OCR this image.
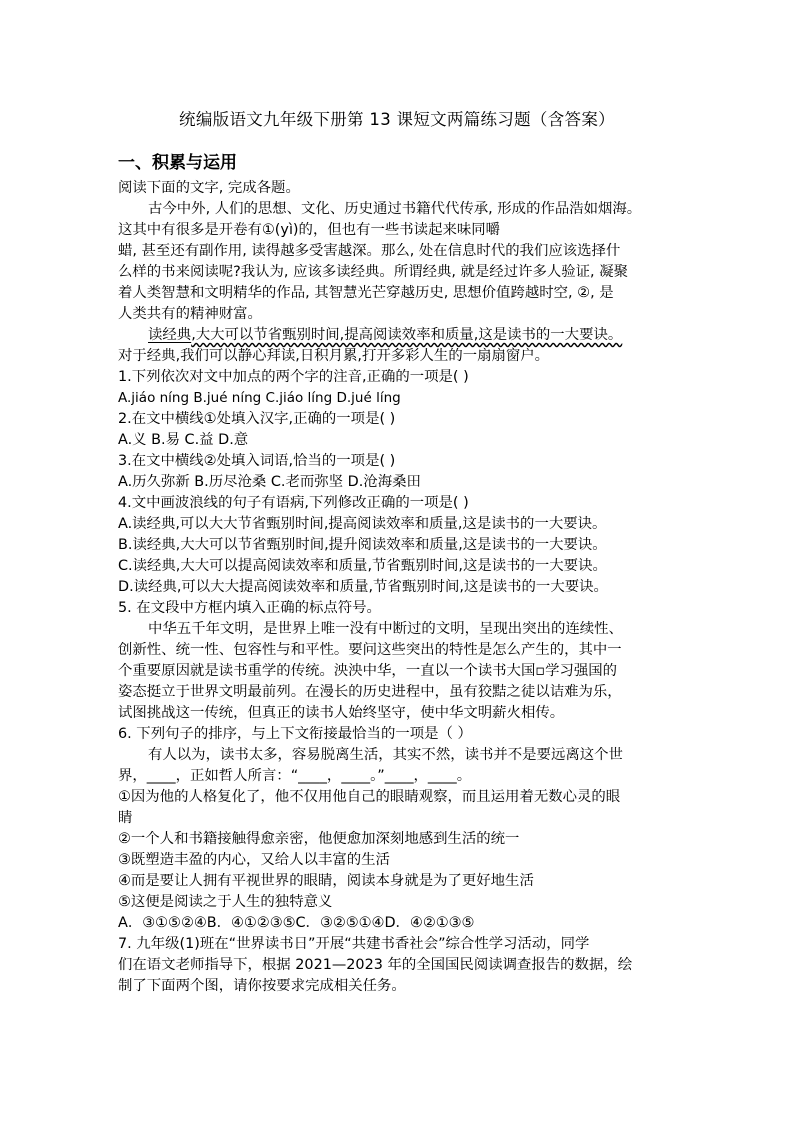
统编版语文九年级下册第 13 课短文两篇练习题（含答案）
一、积累与运用
阅读下面的文字, 完成各题。
古今中外, 人们的思想、文化、历史通过书籍代代传承, 形成的作品浩如烟海。
这其中有很多是开卷有①(yì)的，但也有一些书读起来味同嚼
蜡, 甚至还有副作用, 读得越多受害越深。那么, 处在信息时代的我们应该选择什
么样的书来阅读呢?我认为, 应该多读经典。所谓经典, 就是经过许多人验证, 凝聚
着人类智慧和文明精华的作品, 其智慧光芒穿越历史, 思想价值跨越时空, ②, 是
人类共有的精神财富。
读经典,大大可以节省甄别时间,提高阅读效率和质量,这是读书的一大要诀。
对于经典,我们可以静心拜读,日积月累,打开多彩人生的一扇扇窗户。
1.下列依次对文中加点的两个字的注音,正确的一项是( )
A.jiáo níng B.jué níng C.jiáo líng D.jué líng
2.在文中横线①处填入汉字,正确的一项是( )
A.义 B.易 C.益 D.意
3.在文中横线②处填入词语,恰当的一项是( )
A.历久弥新 B.历尽沧桑 C.老而弥坚 D.沧海桑田
4.文中画波浪线的句子有语病,下列修改正确的一项是( )
A.读经典,可以大大节省甄别时间,提高阅读效率和质量,这是读书的一大要诀。
B.读经典,大大可以节省甄别时间,提升阅读效率和质量,这是读书的一大要诀。
C.读经典,大大可以提高阅读效率和质量,节省甄别时间,这是读书的一大要诀。
D.读经典,可以大大提高阅读效率和质量,节省甄别时间,这是读书的一大要诀。
5. 在文段中方框内填入正确的标点符号。
中华五千年文明，是世界上唯一没有中断过的文明，呈现出突出的连续性、
创新性、统一性、包容性与和平性。要问这些突出的特性是怎么产生的，其中一
个重要原因就是读书重学的传统。泱泱中华，一直以一个读书大国▫学习强国的
姿态挺立于世界文明最前列。在漫长的历史进程中，虽有狡黠之徒以诘难为乐，
试图挑战这一传统，但真正的读书人始终坚守，使中华文明薪火相传。
6. 下列句子的排序，与上下文衔接最恰当的一项是（ ）
有人以为，读书太多，容易脱离生活，其实不然，读书并不是要远离这个世
界，____，正如哲人所言：“____，____。”____，____。
①因为他的人格复化了，他不仅用他自己的眼睛观察，而且运用着无数心灵的眼
睛
②一个人和书籍接触得愈亲密，他便愈加深刻地感到生活的统一
③既塑造丰盈的内心，又给人以丰富的生活
④而是要让人拥有平视世界的眼睛，阅读本身就是为了更好地生活
⑤这便是阅读之于人生的独特意义
A．③①⑤②④B．④①②③⑤C．③②⑤①④D．④②①③⑤
7. 九年级(1)班在“世界读书日”开展“共建书香社会”综合性学习活动，同学
们在语文老师指导下，根据 2021—2023 年的全国国民阅读调查报告的数据，绘
制了下面两个图，请你按要求完成相关任务。
